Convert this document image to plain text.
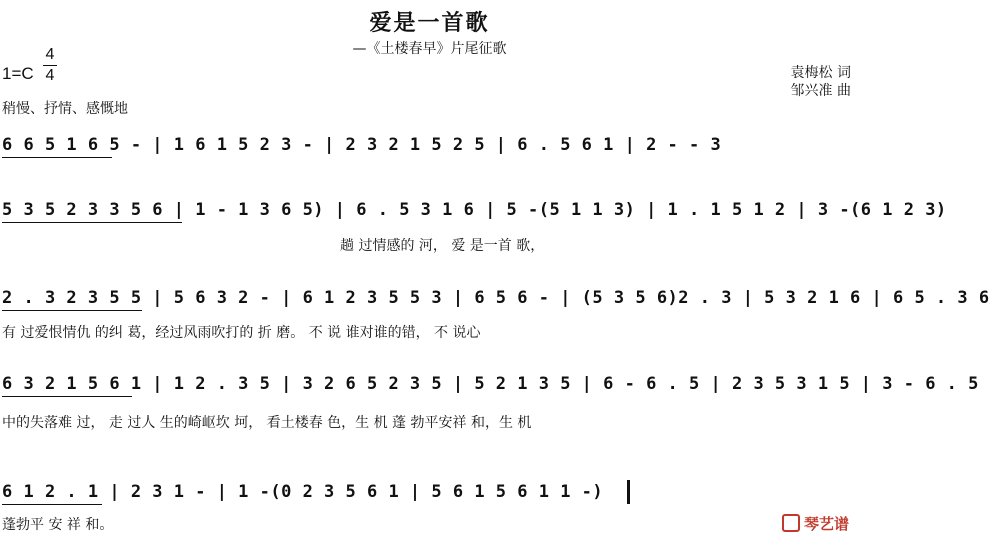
爱是一首歌
—《土楼春早》片尾征歌
1=C
4
4
稍慢、抒情、感慨地
袁梅松 词
邹兴准 曲
6 6 5 1 6 5 - | 1 6 1 5 2 3 - | 2 3 2 1 5 2 5 | 6 . 5 6 1 | 2 - - 3
5 3 5 2 3 3 5 6 | 1 - 1 3 6 5) | 6 . 5 3 1 6 | 5 -(5 1 1 3) | 1 . 1 5 1 2 | 3 -(6 1 2 3)
趟 过情感的 河， 爱 是一首 歌，
2 . 3 2 3 5 5 | 5 6 3 2 - | 6 1 2 3 5 5 3 | 6 5 6 - | (5 3 5 6)2 . 3 | 5 3 2 1 6 | 6 5 . 3 6
有 过爱恨情仇 的纠 葛，经过风雨吹打的 折 磨。 不 说 谁对谁的错， 不 说心
6 3 2 1 5 6 1 | 1 2 . 3 5 | 3 2 6 5 2 3 5 | 5 2 1 3 5 | 6 - 6 . 5 | 2 3 5 3 1 5 | 3 - 6 . 5
中的失落难 过， 走 过人 生的崎岖坎 坷， 看土楼春 色，生 机 蓬 勃平安祥 和，生 机
6 1 2 . 1 | 2 3 1 - | 1 -(0 2 3 5 6 1 | 5 6 1 5 6 1 1 -)
蓬勃平 安 祥 和。	琴艺谱
